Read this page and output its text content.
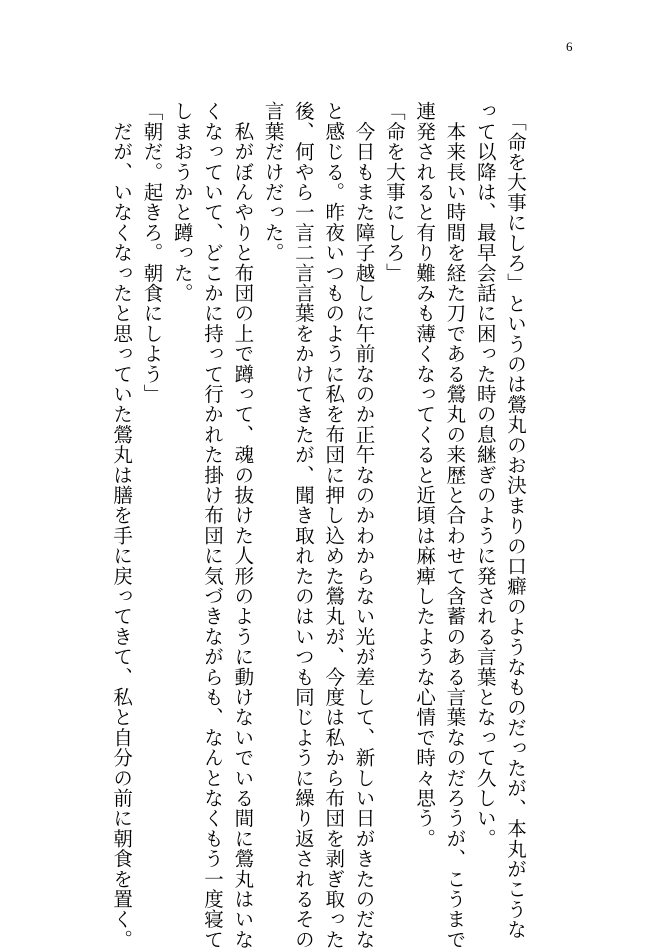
6
　「命を大事にしろ」というのは鶯丸のお決まりの口癖のようなものだったが、本丸がこうな
って以降は、最早会話に困った時の息継ぎのように発される言葉となって久しい。
　本来長い時間を経た刀である鶯丸の来歴と合わせて含蓄のある言葉なのだろうが、こうまで
連発されると有り難みも薄くなってくると近頃は麻痺したような心情で時々思う。
「命を大事にしろ」
　今日もまた障子越しに午前なのか正午なのかわからない光が差して、新しい日がきたのだな
と感じる。昨夜いつものように私を布団に押し込めた鶯丸が、今度は私から布団を剥ぎ取った
後、何やら一言二言言葉をかけてきたが、聞き取れたのはいつも同じように繰り返されるその
言葉だけだった。
　私がぼんやりと布団の上で蹲って、魂の抜けた人形のように動けないでいる間に鶯丸はいな
くなっていて、どこかに持って行かれた掛け布団に気づきながらも、なんとなくもう一度寝て
しまおうかと蹲った。
「朝だ。起きろ。朝食にしよう」
　だが、いなくなったと思っていた鶯丸は膳を手に戻ってきて、私と自分の前に朝食を置く。
